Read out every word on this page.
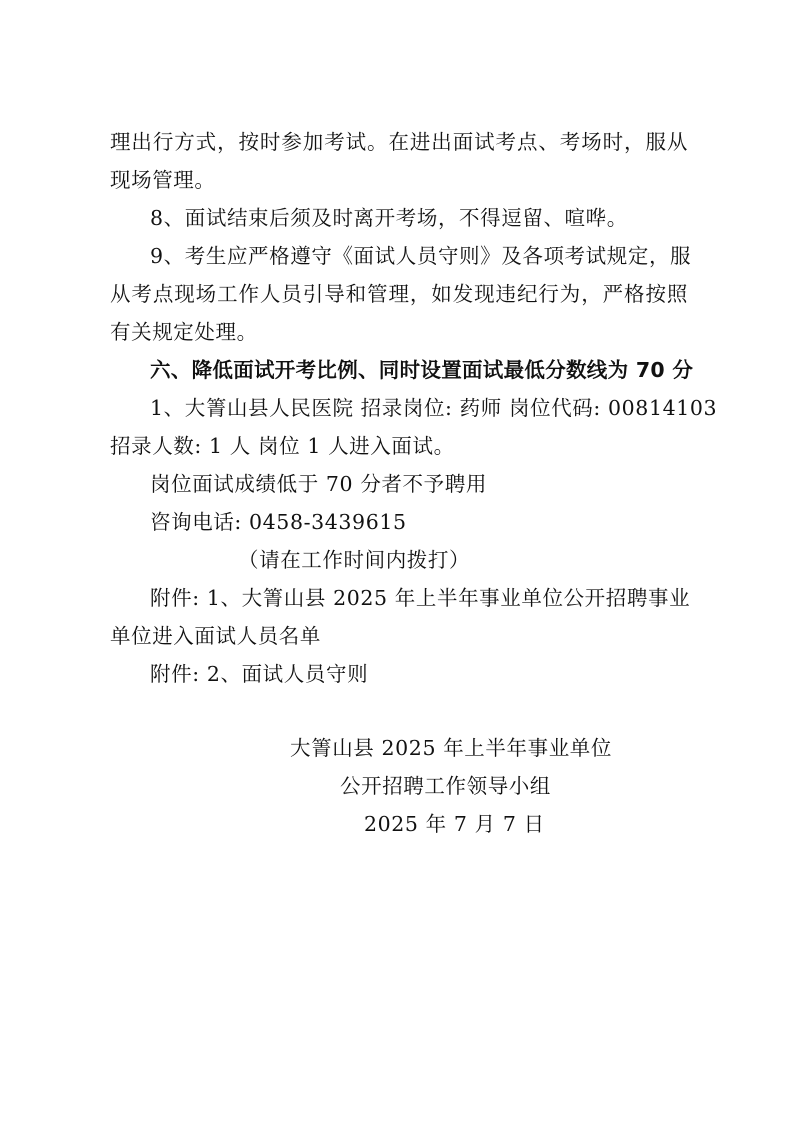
理出行方式，按时参加考试。在进出面试考点、考场时，服从
现场管理。
8、面试结束后须及时离开考场，不得逗留、喧哗。
9、考生应严格遵守《面试人员守则》及各项考试规定，服
从考点现场工作人员引导和管理，如发现违纪行为，严格按照
有关规定处理。
六、降低面试开考比例、同时设置面试最低分数线为 70 分
1、大箐山县人民医院 招录岗位: 药师 岗位代码: 00814103
招录人数: 1 人 岗位 1 人进入面试。
岗位面试成绩低于 70 分者不予聘用
咨询电话: 0458-3439615
（请在工作时间内拨打）
附件: 1、大箐山县 2025 年上半年事业单位公开招聘事业
单位进入面试人员名单
附件: 2、面试人员守则
大箐山县 2025 年上半年事业单位
公开招聘工作领导小组
2025 年 7 月 7 日
